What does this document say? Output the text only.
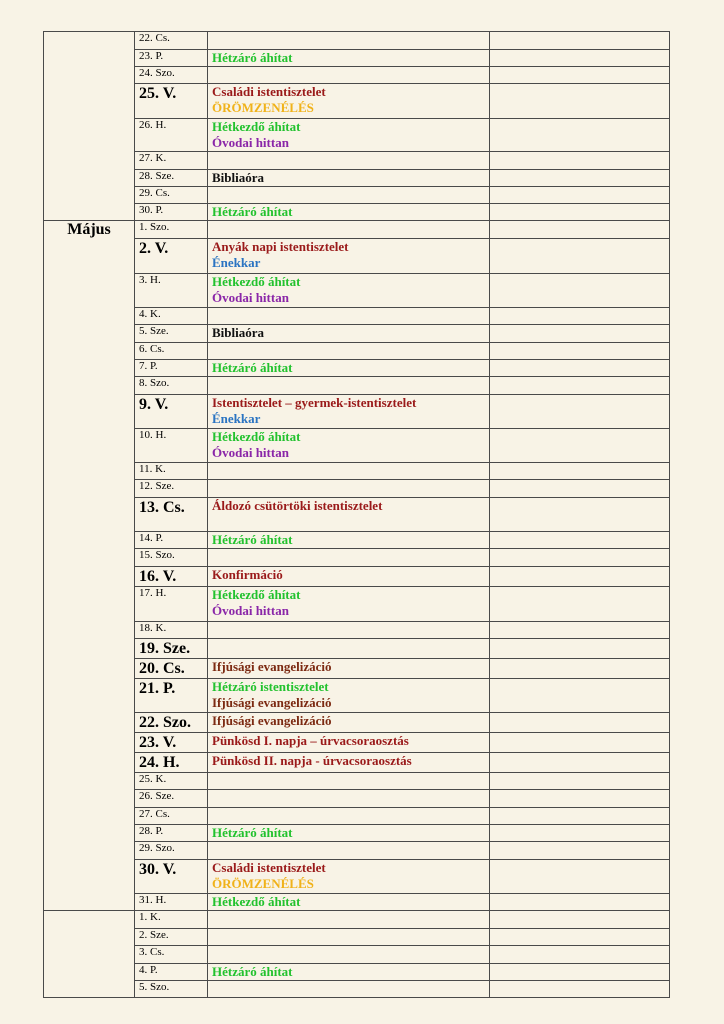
	22. Cs.		
	23. P.	Hétzáró áhítat	

	24. Szo.		
	25. V.	Családi istentisztelet
ÖRÖMZENÉLÉS	

	26. H.	Hétkezdő áhítat
Óvodai hittan	

	27. K.		
	28. Sze.	Bibliaóra	

	29. Cs.		
	30. P.	Hétzáró áhítat	

Május	1. Szo.		
	2. V.	Anyák napi istentisztelet
Énekkar	

	3. H.	Hétkezdő áhítat
Óvodai hittan	

	4. K.		
	5. Sze.	Bibliaóra	

	6. Cs.		
	7. P.	Hétzáró áhítat	

	8. Szo.		
	9. V.	Istentisztelet – gyermek-istentisztelet
Énekkar	

	10. H.	Hétkezdő áhítat
Óvodai hittan	

	11. K.		
	12. Sze.		
	13. Cs.	Áldozó csütörtöki istentisztelet	

	14. P.	Hétzáró áhítat	

	15. Szo.		
	16. V.	Konfirmáció	

	17. H.	Hétkezdő áhítat
Óvodai hittan	

	18. K.		
	19. Sze.		
	20. Cs.	Ifjúsági evangelizáció	

	21. P.	Hétzáró istentisztelet
Ifjúsági evangelizáció	

	22. Szo.	Ifjúsági evangelizáció	

	23. V.	Pünkösd I. napja – úrvacsoraosztás	

	24. H.	Pünkösd II. napja - úrvacsoraosztás	

	25. K.		
	26. Sze.		
	27. Cs.		
	28. P.	Hétzáró áhítat	

	29. Szo.		
	30. V.	Családi istentisztelet
ÖRÖMZENÉLÉS	

	31. H.	Hétkezdő áhítat	

	1. K.		
	2. Sze.		
	3. Cs.		
	4. P.	Hétzáró áhítat	

	5. Szo.		
